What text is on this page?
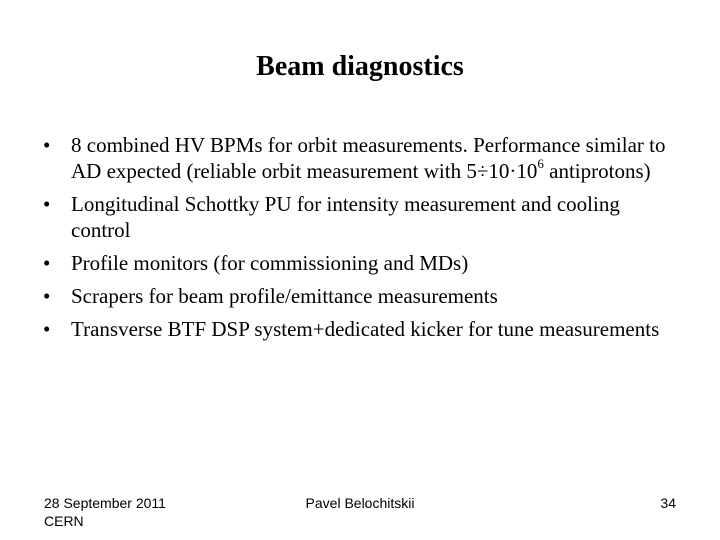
Beam diagnostics
•
8 combined HV BPMs for orbit measurements. Performance similar to AD expected (reliable orbit measurement with $5\div 10\cdot 10^6$ antiprotons)
•
Longitudinal Schottky PU for intensity measurement and cooling control
•
Profile monitors (for commissioning and MDs)
•
Scrapers for beam profile/emittance measurements
•
Transverse BTF DSP system+dedicated kicker for tune measurements
28 September 2011
CERN
Pavel Belochitskii	34
